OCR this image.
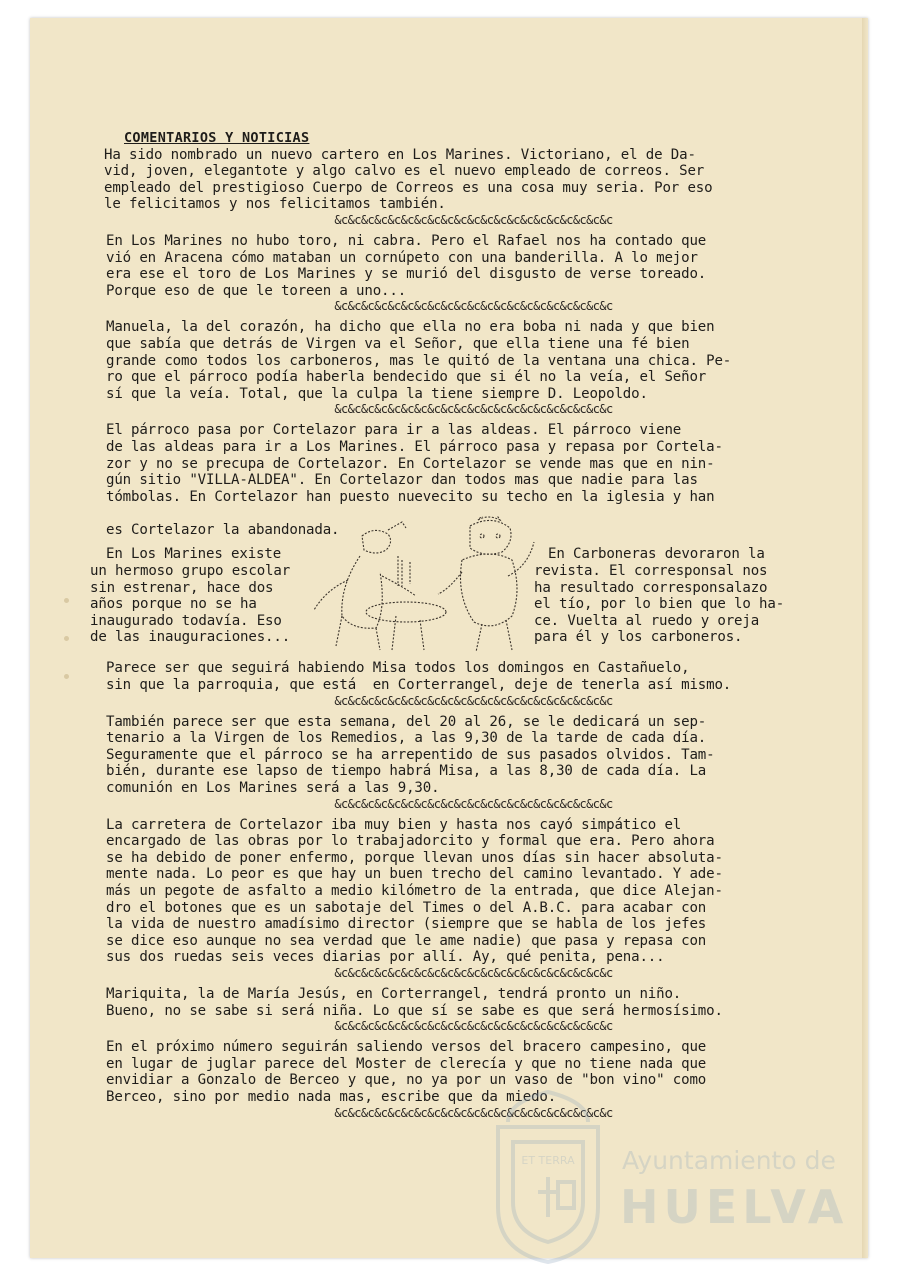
COMENTARIOS Y NOTICIAS
Ha sido nombrado un nuevo cartero en Los Marines. Victoriano, el de Da-
vid, joven, elegantote y algo calvo es el nuevo empleado de correos. Ser
empleado del prestigioso Cuerpo de Correos es una cosa muy seria. Por eso
le felicitamos y nos felicitamos también.
&c&c&c&c&c&c&c&c&c&c&c&c&c&c&c&c&c&c&c&c&c
En Los Marines no hubo toro, ni cabra. Pero el Rafael nos ha contado que
vió en Aracena cómo mataban un cornúpeto con una banderilla. A lo mejor
era ese el toro de Los Marines y se murió del disgusto de verse toreado.
Porque eso de que le toreen a uno...
&c&c&c&c&c&c&c&c&c&c&c&c&c&c&c&c&c&c&c&c&c
Manuela, la del corazón, ha dicho que ella no era boba ni nada y que bien
que sabía que detrás de Virgen va el Señor, que ella tiene una fé bien
grande como todos los carboneros, mas le quitó de la ventana una chica. Pe-
ro que el párroco podía haberla bendecido que si él no la veía, el Señor
sí que la veía. Total, que la culpa la tiene siempre D. Leopoldo.
&c&c&c&c&c&c&c&c&c&c&c&c&c&c&c&c&c&c&c&c&c
El párroco pasa por Cortelazor para ir a las aldeas. El párroco viene
de las aldeas para ir a Los Marines. El párroco pasa y repasa por Cortela-
zor y no se precupa de Cortelazor. En Cortelazor se vende mas que en nin-
gún sitio "VILLA-ALDEA". En Cortelazor dan todos mas que nadie para las
tómbolas. En Cortelazor han puesto nuevecito su techo en la iglesia y han

es Cortelazor la abandonada.
En Los Marines existe
un hermoso grupo escolar
sin estrenar, hace dos
años porque no se ha
inaugurado todavía. Eso
de las inauguraciones...
En Carboneras devoraron la
revista. El corresponsal nos
ha resultado corresponsalazo
el tío, por lo bien que lo ha-
ce. Vuelta al ruedo y oreja
para él y los carboneros.
Parece ser que seguirá habiendo Misa todos los domingos en Castañuelo,
sin que la parroquia, que está  en Corterrangel, deje de tenerla así mismo.
&c&c&c&c&c&c&c&c&c&c&c&c&c&c&c&c&c&c&c&c&c
También parece ser que esta semana, del 20 al 26, se le dedicará un sep-
tenario a la Virgen de los Remedios, a las 9,30 de la tarde de cada día.
Seguramente que el párroco se ha arrepentido de sus pasados olvidos. Tam-
bién, durante ese lapso de tiempo habrá Misa, a las 8,30 de cada día. La
comunión en Los Marines será a las 9,30.
&c&c&c&c&c&c&c&c&c&c&c&c&c&c&c&c&c&c&c&c&c
La carretera de Cortelazor iba muy bien y hasta nos cayó simpático el
encargado de las obras por lo trabajadorcito y formal que era. Pero ahora
se ha debido de poner enfermo, porque llevan unos días sin hacer absoluta-
mente nada. Lo peor es que hay un buen trecho del camino levantado. Y ade-
más un pegote de asfalto a medio kilómetro de la entrada, que dice Alejan-
dro el botones que es un sabotaje del Times o del A.B.C. para acabar con
la vida de nuestro amadísimo director (siempre que se habla de los jefes
se dice eso aunque no sea verdad que le ame nadie) que pasa y repasa con
sus dos ruedas seis veces diarias por allí. Ay, qué penita, pena...
&c&c&c&c&c&c&c&c&c&c&c&c&c&c&c&c&c&c&c&c&c
Mariquita, la de María Jesús, en Corterrangel, tendrá pronto un niño.
Bueno, no se sabe si será niña. Lo que sí se sabe es que será hermosísimo.
&c&c&c&c&c&c&c&c&c&c&c&c&c&c&c&c&c&c&c&c&c
En el próximo número seguirán saliendo versos del bracero campesino, que
en lugar de juglar parece del Moster de clerecía y que no tiene nada que
envidiar a Gonzalo de Berceo y que, no ya por un vaso de "bon vino" como
Berceo, sino por medio nada mas, escribe que da miedo.
&c&c&c&c&c&c&c&c&c&c&c&c&c&c&c&c&c&c&c&c&c
ET TERRA Ayuntamiento de
HUELVA
